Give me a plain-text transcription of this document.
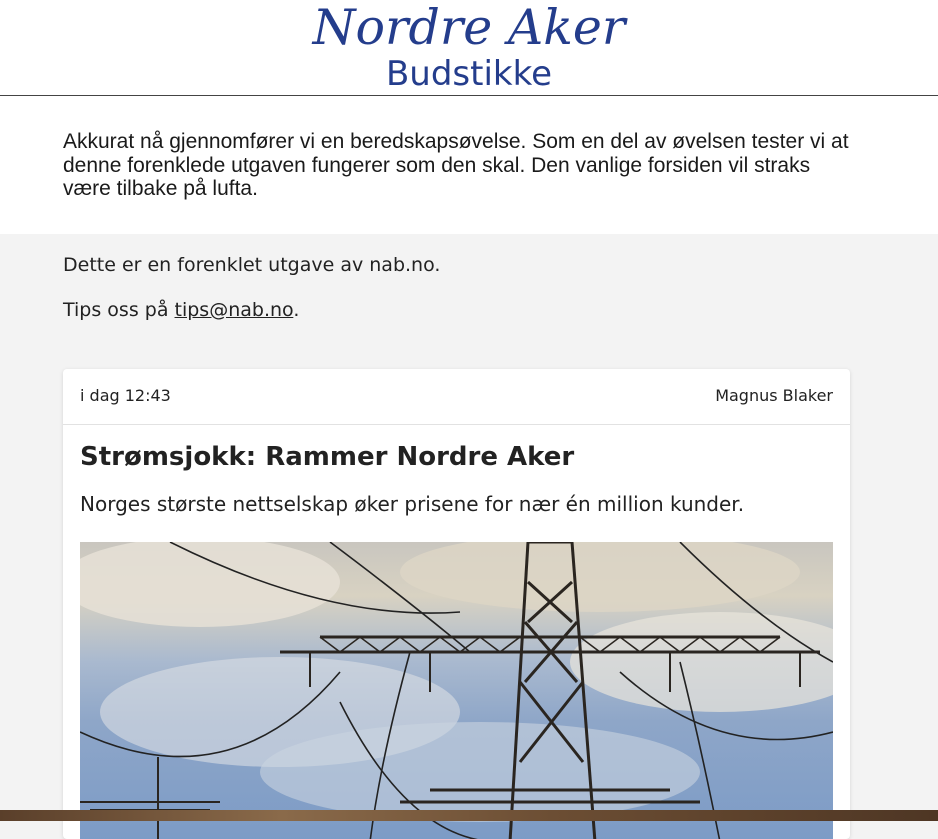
Nordre Aker
Budstikke

Akkurat nå gjennomfører vi en beredskapsøvelse. Som en del av øvelsen tester vi at denne forenklede utgaven fungerer som den skal. Den vanlige forsiden vil straks være tilbake på lufta.

Dette er en forenklet utgave av nab.no.

Tips oss på tips@nab.no.

i dag 12:43	Magnus Blaker
Strømsjokk: Rammer Nordre Aker

Norges største nettselskap øker prisene for nær én million kunder.
